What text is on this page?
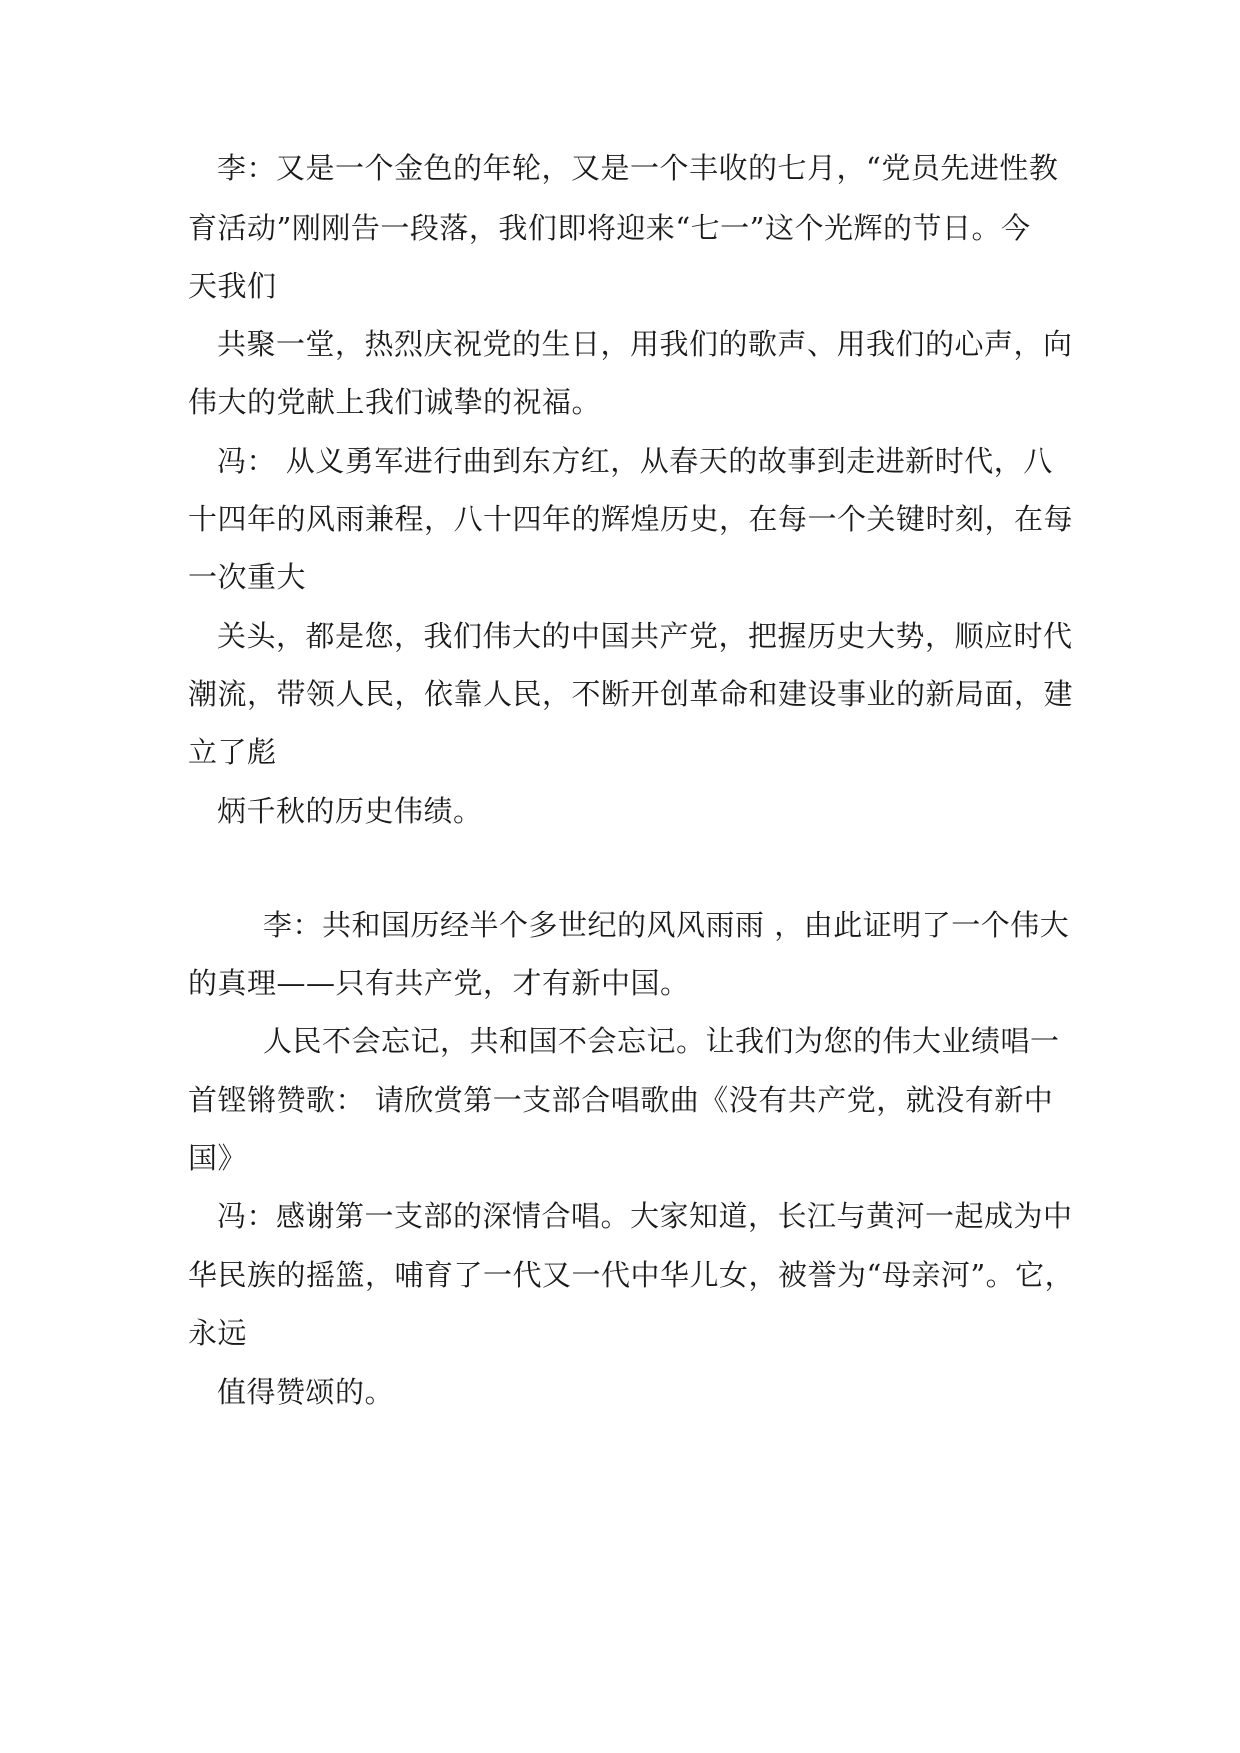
李：又是一个金色的年轮，又是一个丰收的七月，“党员先进性教
育活动”刚刚告一段落，我们即将迎来“七一”这个光辉的节日。今
天我们
共聚一堂，热烈庆祝党的生日，用我们的歌声、用我们的心声，向
伟大的党献上我们诚挚的祝福。
冯： 从义勇军进行曲到东方红，从春天的故事到走进新时代，八
十四年的风雨兼程，八十四年的辉煌历史，在每一个关键时刻，在每
一次重大
关头，都是您，我们伟大的中国共产党，把握历史大势，顺应时代
潮流，带领人民，依靠人民，不断开创革命和建设事业的新局面，建
立了彪
炳千秋的历史伟绩。
李：共和国历经半个多世纪的风风雨雨 ，由此证明了一个伟大
的真理——只有共产党，才有新中国。
人民不会忘记，共和国不会忘记。让我们为您的伟大业绩唱一
首铿锵赞歌： 请欣赏第一支部合唱歌曲《没有共产党，就没有新中
国》
冯：感谢第一支部的深情合唱。大家知道，长江与黄河一起成为中
华民族的摇篮，哺育了一代又一代中华儿女，被誉为“母亲河”。它，
永远
值得赞颂的。
